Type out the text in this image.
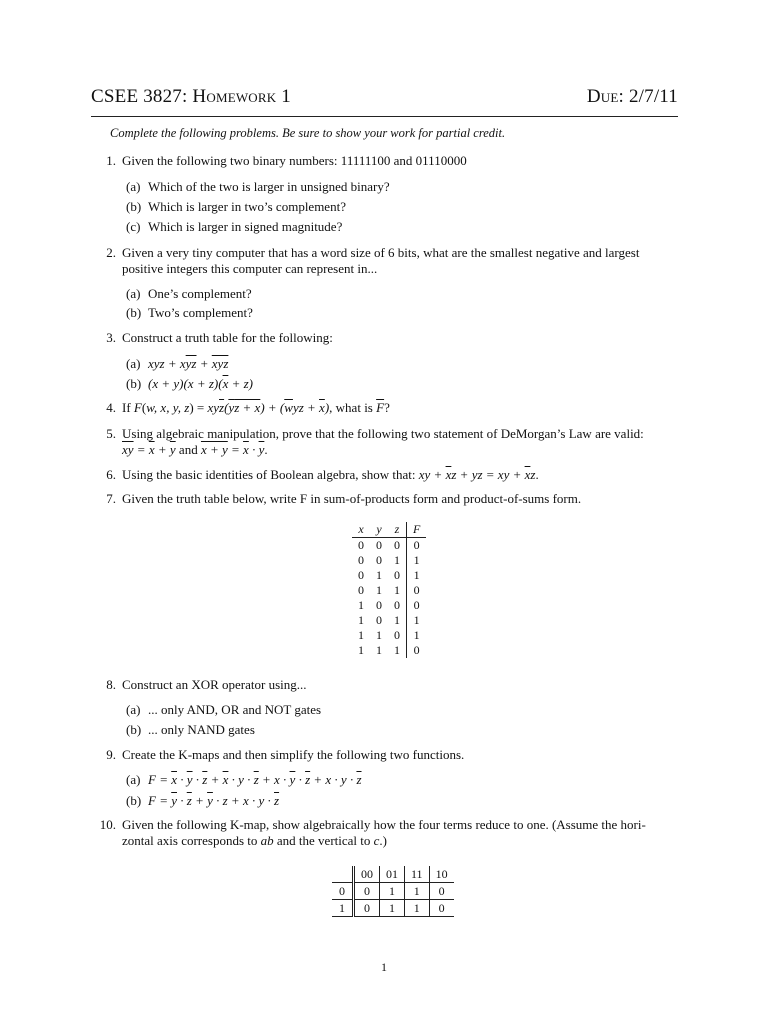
CSEE 3827: Homework 1	Due: 2/7/11
Complete the following problems. Be sure to show your work for partial credit.
1. Given the following two binary numbers: 11111100 and 01110000
(a) Which of the two is larger in unsigned binary?
(b) Which is larger in two’s complement?
(c) Which is larger in signed magnitude?
2. Given a very tiny computer that has a word size of 6 bits, what are the smallest negative and largest
positive integers this computer can represent in...
(a) One’s complement?
(b) Two’s complement?
3. Construct a truth table for the following:
(a) xyz + $x\overline{yz} + \overline{xyz}$
(b) $(x + y)(x + z)(\overline{x} + z)$
4. If F(w, x, y, $z) = xy\overline{z}(yz + x) + (\overline{w}yz + \overline{x})$, what is $\overline{F}$?
5. Using algebraic manipulation, prove that the following two statement of DeMorgan’s Law are valid:
$\overline{xy} = \overline{x} + \overline{y}$ and $x + y = \overline{x} \cdot \overline{y}$.
6. Using the basic identities of Boolean algebra, show that: xy + $\overline{x}z$ + yz = xy + $\overline{x}z$.
7. Given the truth table below, write F in sum-of-products form and product-of-sums form.
x	y	z	F
0	0	0	0
0	0	1	1
0	1	0	1
0	1	1	0
1	0	0	0
1	0	1	1
1	1	0	1
1	1	1	0
8. Construct an XOR operator using...
(a) ... only AND, OR and NOT gates
(b) ... only NAND gates
9. Create the K-maps and then simplify the following two functions.
(a) $F = \overline{x} \cdot \overline{y} \cdot \overline{z} + \overline{x} \cdot y \cdot \overline{z} + x \cdot \overline{y} \cdot \overline{z} + x \cdot y \cdot \overline{z}$
(b) $F = \overline{y} \cdot \overline{z} + \overline{y} \cdot z + x \cdot y \cdot \overline{z}$
10. Given the following K-map, show algebraically how the four terms reduce to one. (Assume the hori-
zontal axis corresponds to ab and the vertical to c.)
	00	01	11	10
0	0	1	1	0
1	0	1	1	0
1
